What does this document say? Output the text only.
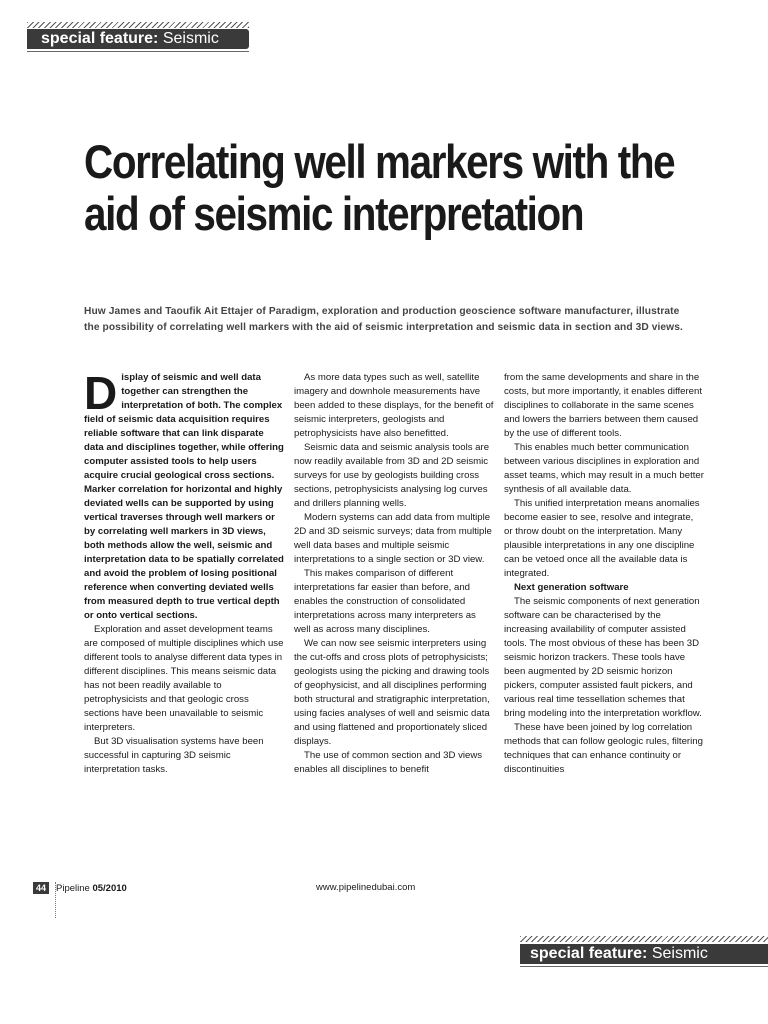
special feature: Seismic
Correlating well markers with the aid of seismic interpretation
Huw James and Taoufik Ait Ettajer of Paradigm, exploration and production geoscience software manufacturer, illustrate the possibility of correlating well markers with the aid of seismic interpretation and seismic data in section and 3D views.

Display of seismic and well data together can strengthen the interpretation of both. The complex field of seismic data acquisition requires reliable software that can link disparate data and disciplines together, while offering computer assisted tools to help users acquire crucial geological cross sections. Marker correlation for horizontal and highly deviated wells can be supported by using vertical traverses through well markers or by correlating well markers in 3D views, both methods allow the well, seismic and interpretation data to be spatially correlated and avoid the problem of losing positional reference when converting deviated wells from measured depth to true vertical depth or onto vertical sections.

Exploration and asset development teams are composed of multiple disciplines which use different tools to analyse different data types in different disciplines. This means seismic data has not been readily available to petrophysicists and that geologic cross sections have been unavailable to seismic interpreters.

But 3D visualisation systems have been successful in capturing 3D seismic interpretation tasks.

As more data types such as well, satellite imagery and downhole measurements have been added to these displays, for the benefit of seismic interpreters, geologists and petrophysicists have also benefitted.

Seismic data and seismic analysis tools are now readily available from 3D and 2D seismic surveys for use by geologists building cross sections, petrophysicists analysing log curves and drillers planning wells.

Modern systems can add data from multiple 2D and 3D seismic surveys; data from multiple well data bases and multiple seismic interpretations to a single section or 3D view.

This makes comparison of different interpretations far easier than before, and enables the construction of consolidated interpretations across many interpreters as well as across many disciplines.

We can now see seismic interpreters using the cut-offs and cross plots of petrophysicists; geologists using the picking and drawing tools of geophysicist, and all disciplines performing both structural and stratigraphic interpretation, using facies analyses of well and seismic data and using flattened and proportionately sliced displays.

The use of common section and 3D views enables all disciplines to benefit

from the same developments and share in the costs, but more importantly, it enables different disciplines to collaborate in the same scenes and lowers the barriers between them caused by the use of different tools.

This enables much better communication between various disciplines in exploration and asset teams, which may result in a much better synthesis of all available data.

This unified interpretation means anomalies become easier to see, resolve and integrate, or throw doubt on the interpretation. Many plausible interpretations in any one discipline can be vetoed once all the available data is integrated.

Next generation software

The seismic components of next generation software can be characterised by the increasing availability of computer assisted tools. The most obvious of these has been 3D seismic horizon trackers. These tools have been augmented by 2D seismic horizon pickers, computer assisted fault pickers, and various real time tessellation schemes that bring modeling into the interpretation workflow.

These have been joined by log correlation methods that can follow geologic rules, filtering techniques that can enhance continuity or discontinuities

44	Pipeline 05/2010	www.pipelinedubai.com
special feature: Seismic
